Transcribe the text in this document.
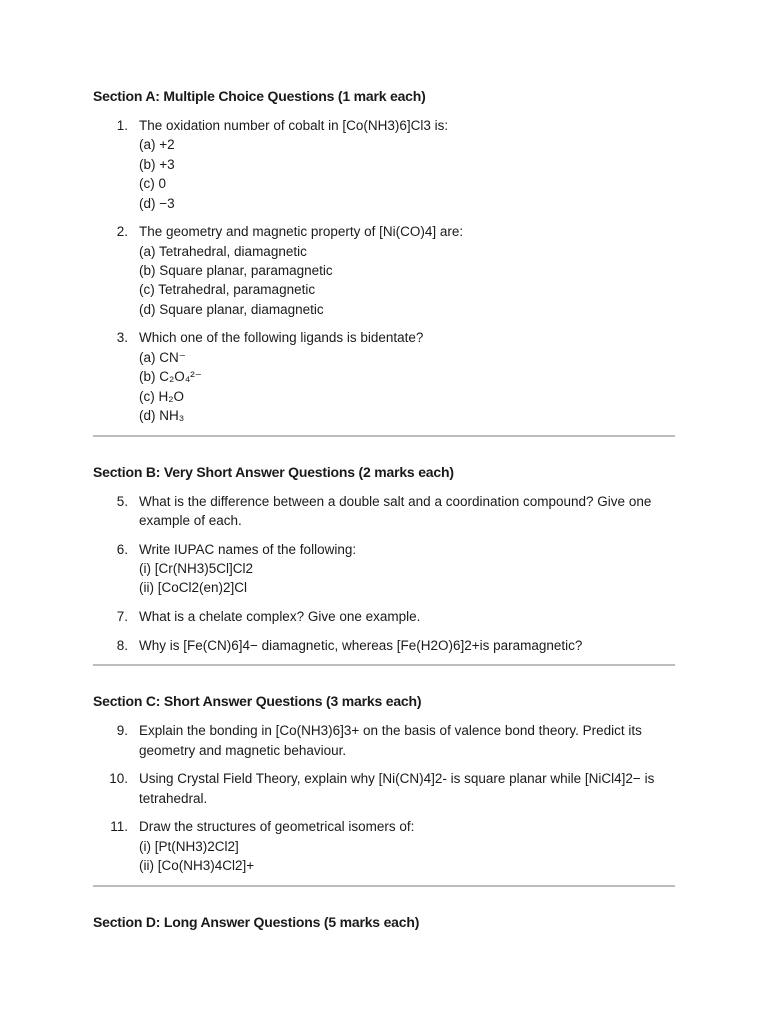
Section A: Multiple Choice Questions (1 mark each)
1. The oxidation number of cobalt in [Co(NH3)6]Cl3 is:
(a) +2
(b) +3
(c) 0
(d) −3
2. The geometry and magnetic property of [Ni(CO)4] are:
(a) Tetrahedral, diamagnetic
(b) Square planar, paramagnetic
(c) Tetrahedral, paramagnetic
(d) Square planar, diamagnetic
3. Which one of the following ligands is bidentate?
(a) CN⁻
(b) C₂O₄²⁻
(c) H₂O
(d) NH₃
Section B: Very Short Answer Questions (2 marks each)
5. What is the difference between a double salt and a coordination compound? Give one example of each.
6. Write IUPAC names of the following:
(i) [Cr(NH3)5Cl]Cl2
(ii) [CoCl2(en)2]Cl
7. What is a chelate complex? Give one example.
8. Why is [Fe(CN)6]4− diamagnetic, whereas [Fe(H2O)6]2+is paramagnetic?
Section C: Short Answer Questions (3 marks each)
9. Explain the bonding in [Co(NH3)6]3+ on the basis of valence bond theory. Predict its geometry and magnetic behaviour.
10. Using Crystal Field Theory, explain why [Ni(CN)4]2- is square planar while [NiCl4]2− is tetrahedral.
11. Draw the structures of geometrical isomers of:
(i) [Pt(NH3)2Cl2]
(ii) [Co(NH3)4Cl2]+
Section D: Long Answer Questions (5 marks each)
